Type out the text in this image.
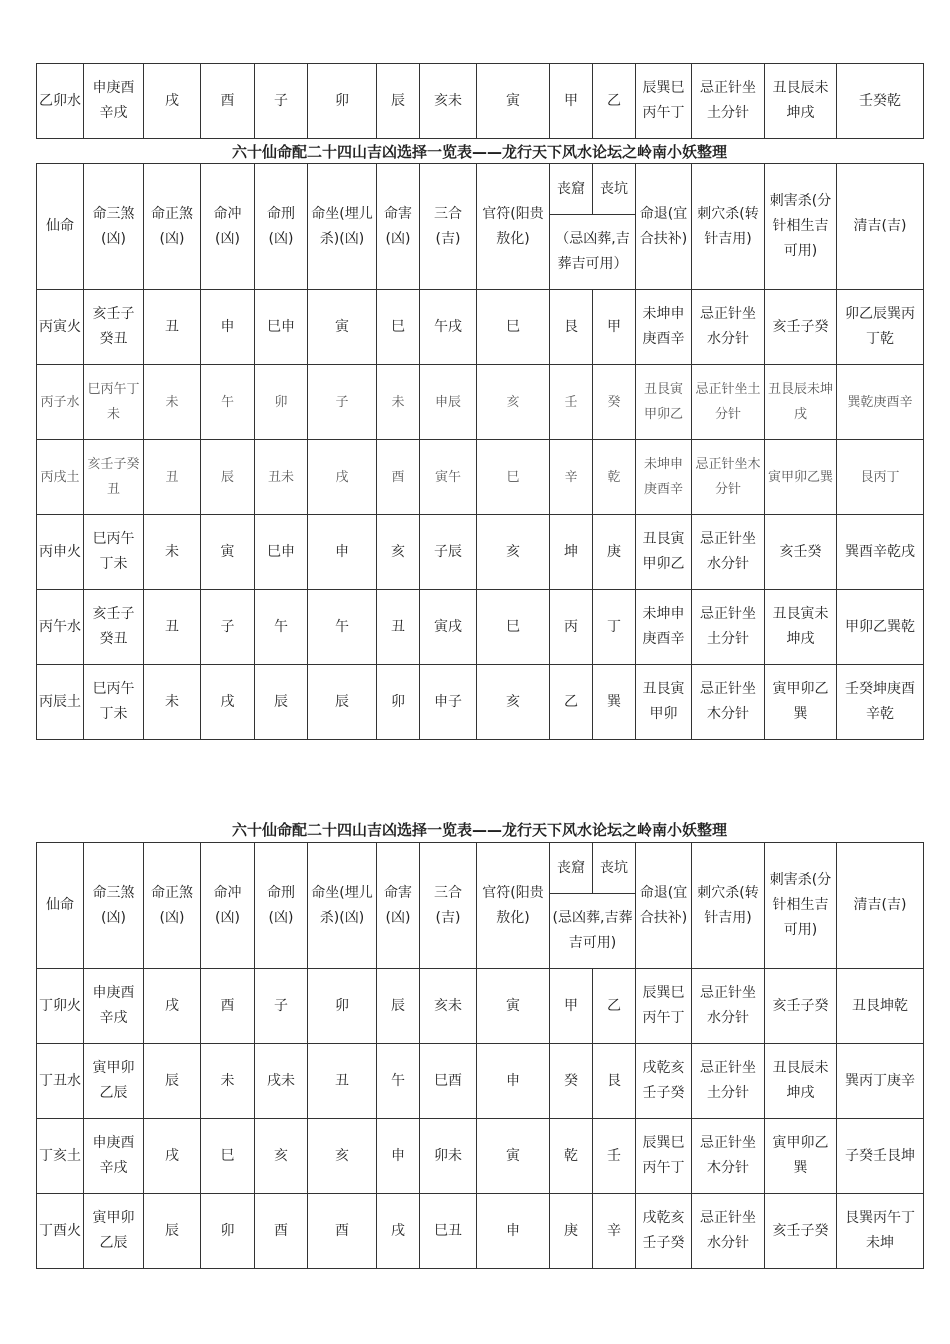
乙卯水	申庚酉辛戌	戌	酉	子	卯	辰	亥未	寅	甲	乙	辰巽巳丙午丁	忌正针坐土分针	丑艮辰未坤戌	壬癸乾
六十仙命配二十四山吉凶选择一览表——龙行天下风水论坛之岭南小妖整理
仙命	命三煞(凶)	命正煞(凶)	命冲(凶)	命刑(凶)	命坐(埋儿杀)(凶)	命害(凶)	三合(吉)	官符(阳贵敖化)	丧窟	丧坑	命退(宜合扶补)	刺穴杀(转针吉用)	刺害杀(分针相生吉可用)	清吉(吉)
									（忌凶葬,吉葬吉可用）					
丙寅火	亥壬子癸丑	丑	申	巳申	寅	巳	午戌	巳	艮	甲	未坤申庚酉辛	忌正针坐水分针	亥壬子癸	卯乙辰巽丙丁乾
丙子水	巳丙午丁未	未	午	卯	子	未	申辰	亥	壬	癸	丑艮寅甲卯乙	忌正针坐土分针	丑艮辰未坤戌	巽乾庚酉辛
丙戌土	亥壬子癸丑	丑	辰	丑未	戌	酉	寅午	巳	辛	乾	未坤申庚酉辛	忌正针坐木分针	寅甲卯乙巽	艮丙丁
丙申火	巳丙午丁未	未	寅	巳申	申	亥	子辰	亥	坤	庚	丑艮寅甲卯乙	忌正针坐水分针	亥壬癸	巽酉辛乾戌
丙午水	亥壬子癸丑	丑	子	午	午	丑	寅戌	巳	丙	丁	未坤申庚酉辛	忌正针坐土分针	丑艮寅未坤戌	甲卯乙巽乾
丙辰土	巳丙午丁未	未	戌	辰	辰	卯	申子	亥	乙	巽	丑艮寅甲卯	忌正针坐木分针	寅甲卯乙巽	壬癸坤庚酉辛乾
六十仙命配二十四山吉凶选择一览表——龙行天下风水论坛之岭南小妖整理
仙命	命三煞(凶)	命正煞(凶)	命冲(凶)	命刑(凶)	命坐(埋儿杀)(凶)	命害(凶)	三合(吉)	官符(阳贵敖化)	丧窟	丧坑	命退(宜合扶补)	刺穴杀(转针吉用)	刺害杀(分针相生吉可用)	清吉(吉)
									(忌凶葬,吉葬吉可用)					
丁卯火	申庚酉辛戌	戌	酉	子	卯	辰	亥未	寅	甲	乙	辰巽巳丙午丁	忌正针坐水分针	亥壬子癸	丑艮坤乾
丁丑水	寅甲卯乙辰	辰	未	戌未	丑	午	巳酉	申	癸	艮	戌乾亥壬子癸	忌正针坐土分针	丑艮辰未坤戌	巽丙丁庚辛
丁亥土	申庚酉辛戌	戌	巳	亥	亥	申	卯未	寅	乾	壬	辰巽巳丙午丁	忌正针坐木分针	寅甲卯乙巽	子癸壬艮坤
丁酉火	寅甲卯乙辰	辰	卯	酉	酉	戌	巳丑	申	庚	辛	戌乾亥壬子癸	忌正针坐水分针	亥壬子癸	艮巽丙午丁未坤
